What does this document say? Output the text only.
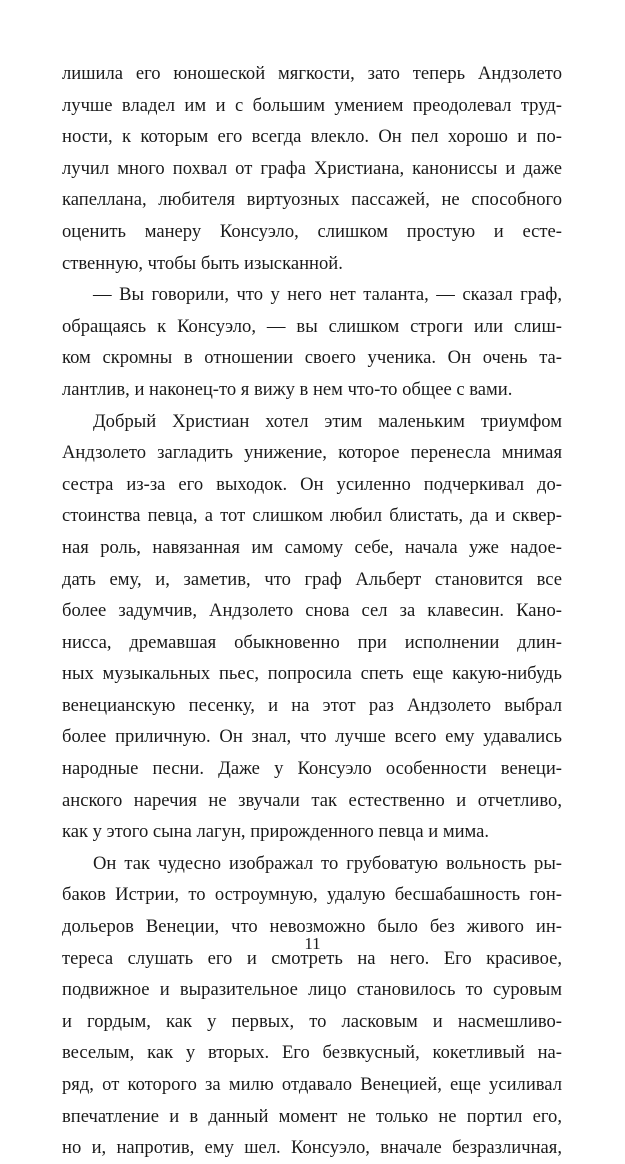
лишила его юношеской мягкости, зато теперь Андзолето
лучше владел им и с большим умением преодолевал труд-
ности, к которым его всегда влекло. Он пел хорошо и по-
лучил много похвал от графа Христиана, канониссы и даже
капеллана, любителя виртуозных пассажей, не способного
оценить манеру Консуэло, слишком простую и есте-
ственную, чтобы быть изысканной.
— Вы говорили, что у него нет таланта, — сказал граф,
обращаясь к Консуэло, — вы слишком строги или слиш-
ком скромны в отношении своего ученика. Он очень та-
лантлив, и наконец-то я вижу в нем что-то общее с вами.
Добрый Христиан хотел этим маленьким триумфом
Андзолето загладить унижение, которое перенесла мнимая
сестра из-за его выходок. Он усиленно подчеркивал до-
стоинства певца, а тот слишком любил блистать, да и сквер-
ная роль, навязанная им самому себе, начала уже надое-
дать ему, и, заметив, что граф Альберт становится все
более задумчив, Андзолето снова сел за клавесин. Кано-
нисса, дремавшая обыкновенно при исполнении длин-
ных музыкальных пьес, попросила спеть еще какую-нибудь
венецианскую песенку, и на этот раз Андзолето выбрал
более приличную. Он знал, что лучше всего ему удавались
народные песни. Даже у Консуэло особенности венеци-
анского наречия не звучали так естественно и отчетливо,
как у этого сына лагун, прирожденного певца и мима.
Он так чудесно изображал то грубоватую вольность ры-
баков Истрии, то остроумную, удалую бесшабашность гон-
дольеров Венеции, что невозможно было без живого ин-
тереса слушать его и смотреть на него. Его красивое,
подвижное и выразительное лицо становилось то суровым
и гордым, как у первых, то ласковым и насмешливо-
веселым, как у вторых. Его безвкусный, кокетливый на-
ряд, от которого за милю отдавало Венецией, еще усиливал
впечатление и в данный момент не только не портил его,
но и, напротив, ему шел. Консуэло, вначале безразличная,
11
